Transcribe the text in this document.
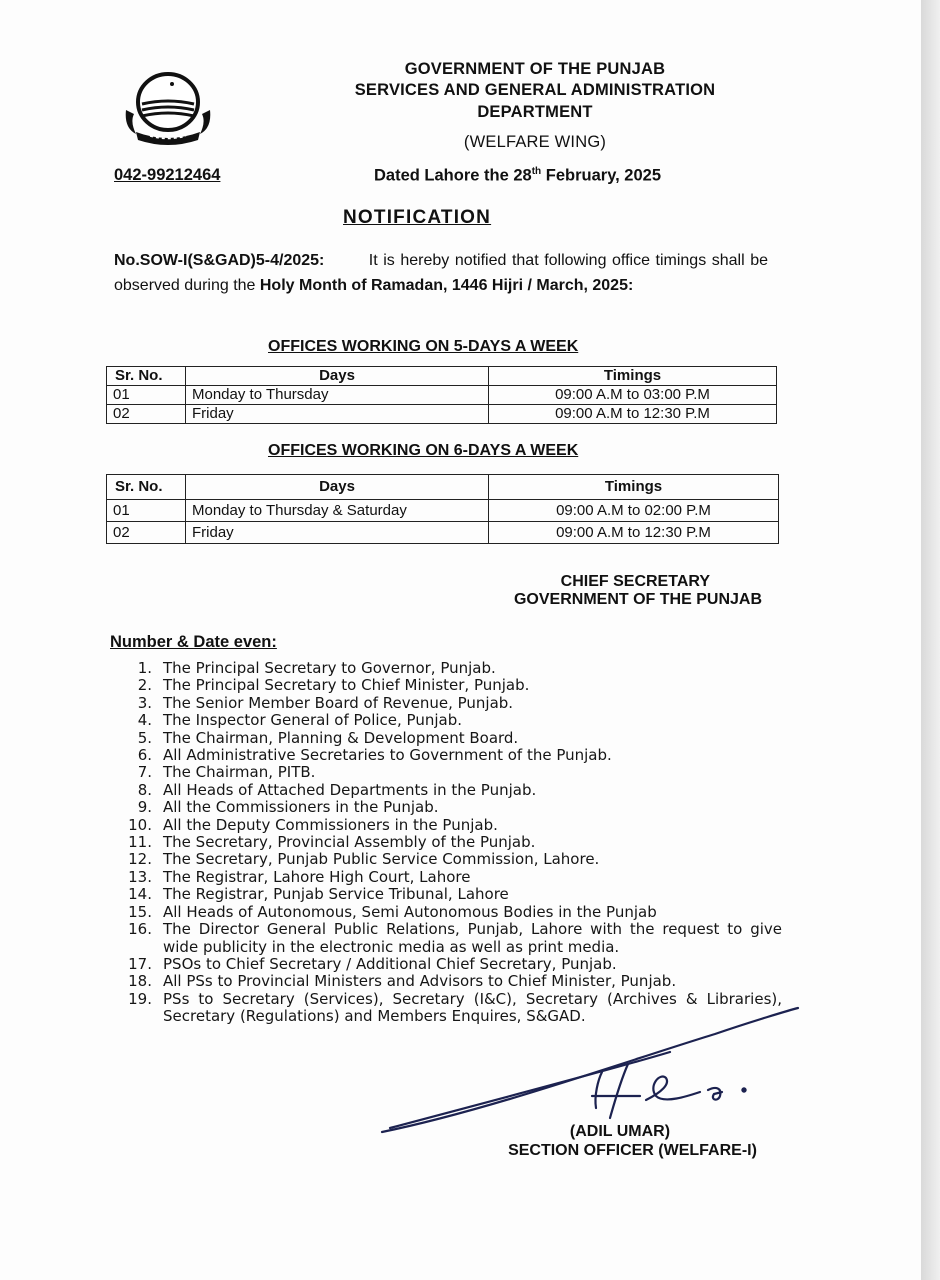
GOVERNMENT OF THE PUNJAB
SERVICES AND GENERAL ADMINISTRATION
DEPARTMENT
(WELFARE WING)
042-99212464	Dated Lahore the 28th February, 2025
NOTIFICATION
No.SOW-I(S&GAD)5-4/2025:	It is hereby notified that following office timings shall be observed during the Holy Month of Ramadan, 1446 Hijri / March, 2025:
OFFICES WORKING ON 5-DAYS A WEEK
Sr. No.	Days	Timings
01	Monday to Thursday	09:00 A.M to 03:00 P.M
02	Friday	09:00 A.M to 12:30 P.M
OFFICES WORKING ON 6-DAYS A WEEK
Sr. No.	Days	Timings
01	Monday to Thursday & Saturday	09:00 A.M to 02:00 P.M
02	Friday	09:00 A.M to 12:30 P.M
CHIEF SECRETARY
GOVERNMENT OF THE PUNJAB
Number & Date even:
1. The Principal Secretary to Governor, Punjab.
2. The Principal Secretary to Chief Minister, Punjab.
3. The Senior Member Board of Revenue, Punjab.
4. The Inspector General of Police, Punjab.
5. The Chairman, Planning & Development Board.
6. All Administrative Secretaries to Government of the Punjab.
7. The Chairman, PITB.
8. All Heads of Attached Departments in the Punjab.
9. All the Commissioners in the Punjab.
10. All the Deputy Commissioners in the Punjab.
11. The Secretary, Provincial Assembly of the Punjab.
12. The Secretary, Punjab Public Service Commission, Lahore.
13. The Registrar, Lahore High Court, Lahore
14. The Registrar, Punjab Service Tribunal, Lahore
15. All Heads of Autonomous, Semi Autonomous Bodies in the Punjab
16. The Director General Public Relations, Punjab, Lahore with the request to give wide publicity in the electronic media as well as print media.
17. PSOs to Chief Secretary / Additional Chief Secretary, Punjab.
18. All PSs to Provincial Ministers and Advisors to Chief Minister, Punjab.
19. PSs to Secretary (Services), Secretary (I&C), Secretary (Archives & Libraries), Secretary (Regulations) and Members Enquires, S&GAD.
(ADIL UMAR)
SECTION OFFICER (WELFARE-I)
